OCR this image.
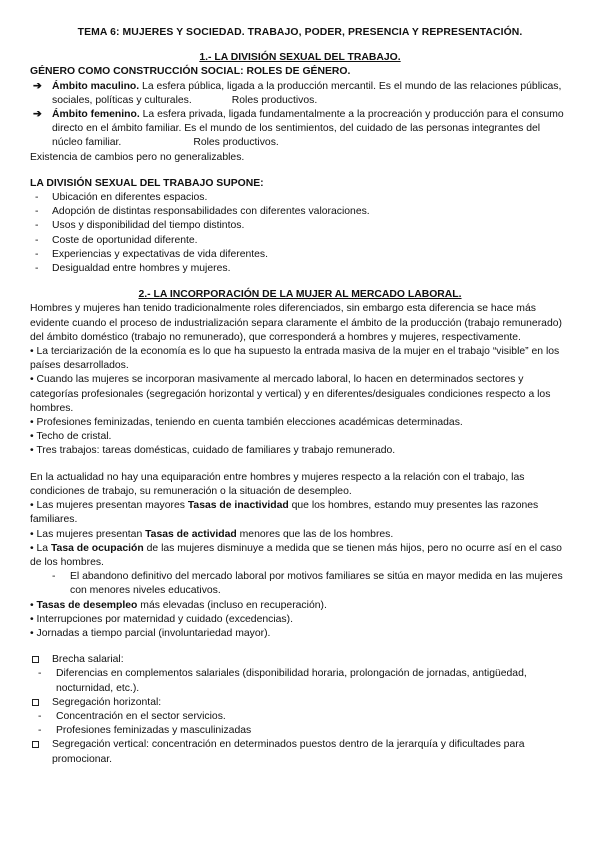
TEMA 6: MUJERES Y SOCIEDAD. TRABAJO, PODER, PRESENCIA Y REPRESENTACIÓN.

1.- LA DIVISIÓN SEXUAL DEL TRABAJO.

GÉNERO COMO CONSTRUCCIÓN SOCIAL: ROLES DE GÉNERO.

➔ Ámbito maculino. La esfera pública, ligada a la producción mercantil. Es el mundo de las relaciones públicas, sociales, políticas y culturales.	Roles productivos.
➔ Ámbito femenino. La esfera privada, ligada fundamentalmente a la procreación y producción para el consumo directo en el ámbito familiar. Es el mundo de los sentimientos, del cuidado de las personas integrantes del núcleo familiar.	Roles productivos.

Existencia de cambios pero no generalizables.

LA DIVISIÓN SEXUAL DEL TRABAJO SUPONE:

- Ubicación en diferentes espacios.
- Adopción de distintas responsabilidades con diferentes valoraciones.
- Usos y disponibilidad del tiempo distintos.
- Coste de oportunidad diferente.
- Experiencias y expectativas de vida diferentes.
- Desigualdad entre hombres y mujeres.

2.- LA INCORPORACIÓN DE LA MUJER AL MERCADO LABORAL.

Hombres y mujeres han tenido tradicionalmente roles diferenciados, sin embargo esta diferencia se hace más evidente cuando el proceso de industrialización separa claramente el ámbito de la producción (trabajo remunerado) del ámbito doméstico (trabajo no remunerado), que corresponderá a hombres y mujeres, respectivamente.

• La terciarización de la economía es lo que ha supuesto la entrada masiva de la mujer en el trabajo “visible” en los países desarrollados.

• Cuando las mujeres se incorporan masivamente al mercado laboral, lo hacen en determinados sectores y categorías profesionales (segregación horizontal y vertical) y en diferentes/desiguales condiciones respecto a los hombres.

• Profesiones feminizadas, teniendo en cuenta también elecciones académicas determinadas.

• Techo de cristal.

• Tres trabajos: tareas domésticas, cuidado de familiares y trabajo remunerado.

En la actualidad no hay una equiparación entre hombres y mujeres respecto a la relación con el trabajo, las condiciones de trabajo, su remuneración o la situación de desempleo.

• Las mujeres presentan mayores Tasas de inactividad que los hombres, estando muy presentes las razones familiares.

• Las mujeres presentan Tasas de actividad menores que las de los hombres.

• La Tasa de ocupación de las mujeres disminuye a medida que se tienen más hijos, pero no ocurre así en el caso de los hombres.

- El abandono definitivo del mercado laboral por motivos familiares se sitúa en mayor medida en las mujeres con menores niveles educativos.

• Tasas de desempleo más elevadas (incluso en recuperación).

• Interrupciones por maternidad y cuidado (excedencias).

• Jornadas a tiempo parcial (involuntariedad mayor).

Brecha salarial:
- Diferencias en complementos salariales (disponibilidad horaria, prolongación de jornadas, antigüedad, nocturnidad, etc.).
Segregación horizontal:
- Concentración en el sector servicios.
- Profesiones feminizadas y masculinizadas
Segregación vertical: concentración en determinados puestos dentro de la jerarquía y dificultades para promocionar.
